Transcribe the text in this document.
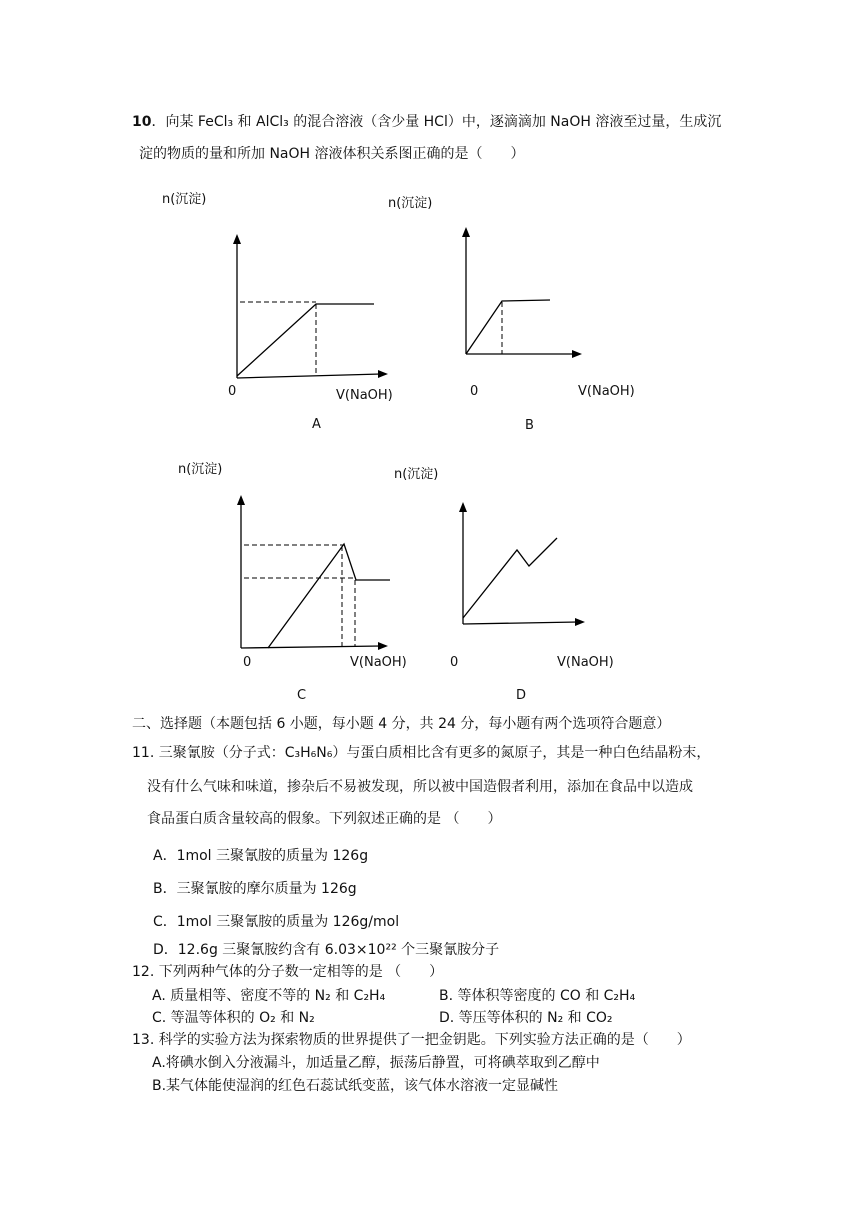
10．向某 FeCl₃ 和 AlCl₃ 的混合溶液（含少量 HCl）中，逐滴滴加 NaOH 溶液至过量，生成沉
淀的物质的量和所加 NaOH 溶液体积关系图正确的是（　　）
n(沉淀)
0	V(NaOH)
A
n(沉淀)
0	V(NaOH)
B
n(沉淀)
0	V(NaOH)
C
n(沉淀)
0	V(NaOH)
D
二、选择题（本题包括 6 小题，每小题 4 分，共 24 分，每小题有两个选项符合题意）
11. 三聚氰胺（分子式：C₃H₆N₆）与蛋白质相比含有更多的氮原子，其是一种白色结晶粉末，
没有什么气味和味道，掺杂后不易被发现，所以被中国造假者利用，添加在食品中以造成
食品蛋白质含量较高的假象。下列叙述正确的是 （　　）
A．1mol 三聚氰胺的质量为 126g
B．三聚氰胺的摩尔质量为 126g
C．1mol 三聚氰胺的质量为 126g/mol
D．12.6g 三聚氰胺约含有 6.03×10²² 个三聚氰胺分子
12. 下列两种气体的分子数一定相等的是 （　　）
A. 质量相等、密度不等的 N₂ 和 C₂H₄	B. 等体积等密度的 CO 和 C₂H₄
C. 等温等体积的 O₂ 和 N₂	D. 等压等体积的 N₂ 和 CO₂
13. 科学的实验方法为探索物质的世界提供了一把金钥匙。下列实验方法正确的是（　　）
A.将碘水倒入分液漏斗，加适量乙醇，振荡后静置，可将碘萃取到乙醇中
B.某气体能使湿润的红色石蕊试纸变蓝，该气体水溶液一定显碱性
